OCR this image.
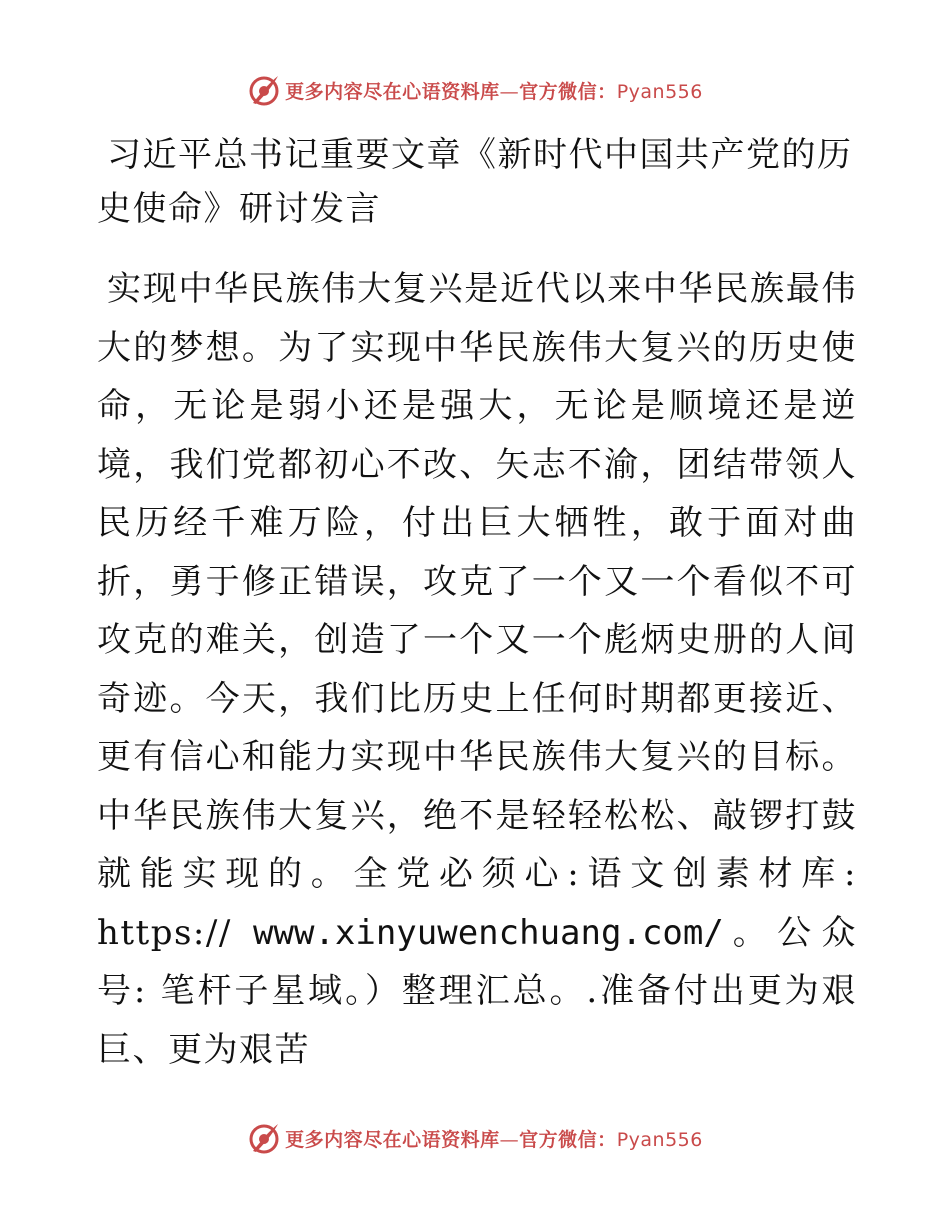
更多内容尽在心语资料库—官方微信：Pyan556
习近平总书记重要文章《新时代中国共产党的历史使命》研讨发言

实现中华民族伟大复兴是近代以来中华民族最伟大的梦想。为了实现中华民族伟大复兴的历史使命，无论是弱小还是强大，无论是顺境还是逆境，我们党都初心不改、矢志不渝，团结带领人民历经千难万险，付出巨大牺牲，敢于面对曲折，勇于修正错误，攻克了一个又一个看似不可攻克的难关，创造了一个又一个彪炳史册的人间奇迹。今天，我们比历史上任何时期都更接近、更有信心和能力实现中华民族伟大复兴的目标。中华民族伟大复兴，绝不是轻轻松松、敲锣打鼓就能实现的。全党必须心:语文创素材库: https:// www.xinyuwenchuang.com/。公众号: 笔杆子星域。）整理汇总。.准备付出更为艰巨、更为艰苦

更多内容尽在心语资料库—官方微信：Pyan556
